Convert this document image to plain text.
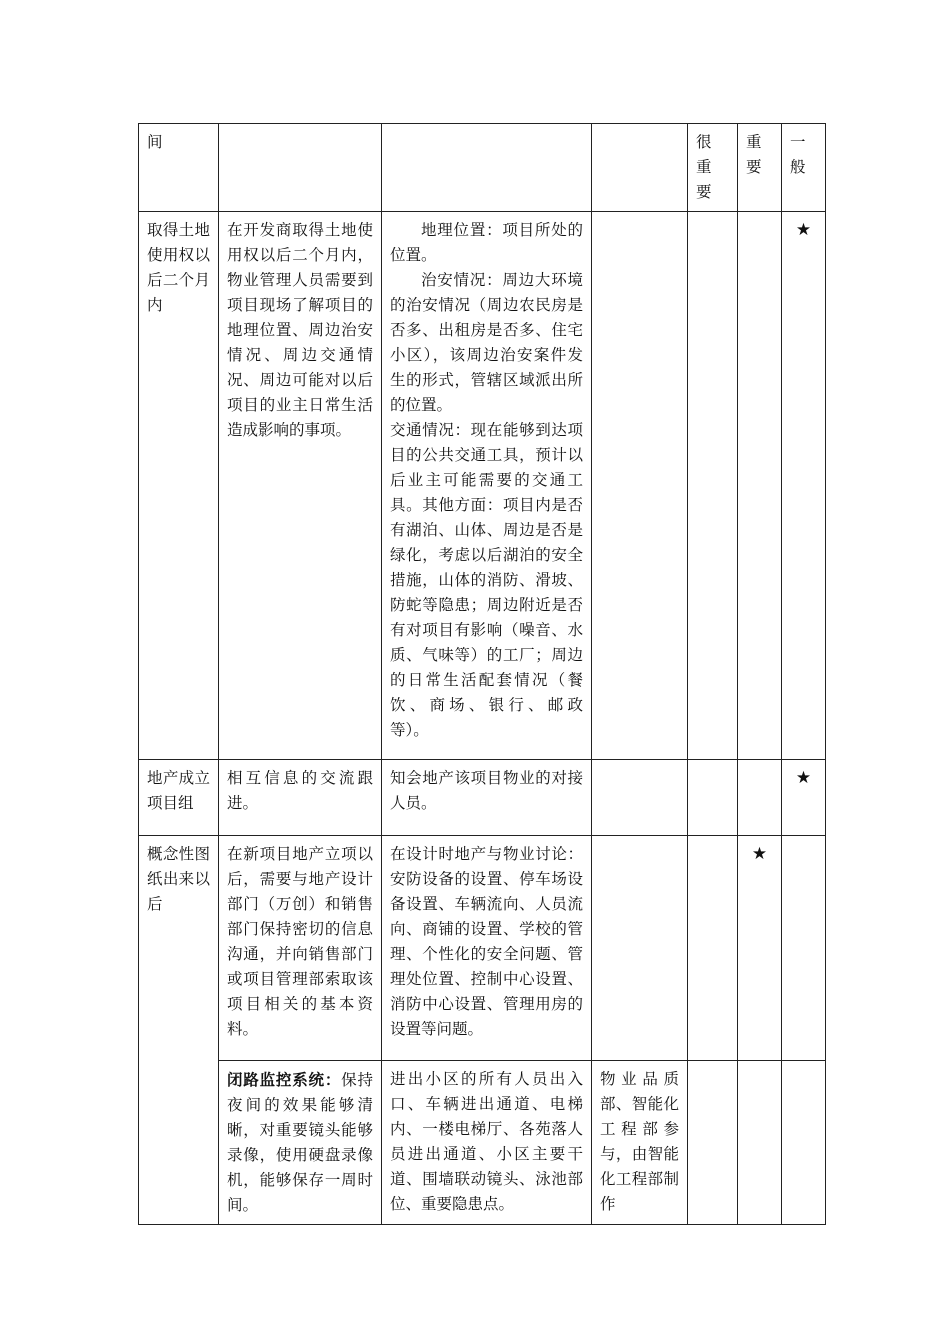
间				很重要	重要	一般
取得土地使用权以后二个月内	在开发商取得土地使用权以后二个月内，物业管理人员需要到项目现场了解项目的地理位置、周边治安情况、周边交通情况、周边可能对以后项目的业主日常生活造成影响的事项。	地理位置：项目所处的位置。
治安情况：周边大环境的治安情况（周边农民房是否多、出租房是否多、住宅小区），该周边治安案件发生的形式，管辖区域派出所的位置。
交通情况：现在能够到达项目的公共交通工具，预计以后业主可能需要的交通工具。其他方面：项目内是否有湖泊、山体、周边是否是绿化，考虑以后湖泊的安全措施，山体的消防、滑坡、防蛇等隐患；周边附近是否有对项目有影响（噪音、水质、气味等）的工厂；周边的日常生活配套情况（餐饮、商场、银行、邮政等）。				★

地产成立项目组	相互信息的交流跟进。	知会地产该项目物业的对接人员。				★

概念性图纸出来以后	在新项目地产立项以后，需要与地产设计部门（万创）和销售部门保持密切的信息沟通，并向销售部门或项目管理部索取该项目相关的基本资料。	在设计时地产与物业讨论：安防设备的设置、停车场设备设置、车辆流向、人员流向、商铺的设置、学校的管理、个性化的安全问题、管理处位置、控制中心设置、消防中心设置、管理用房的设置等问题。			★	

	闭路监控系统：保持夜间的效果能够清晰，对重要镜头能够录像，使用硬盘录像机，能够保存一周时间。	进出小区的所有人员出入口、车辆进出通道、电梯内、一楼电梯厅、各苑落人员进出通道、小区主要干道、围墙联动镜头、泳池部位、重要隐患点。	物业品质部、智能化工程部参与，由智能化工程部制作			
